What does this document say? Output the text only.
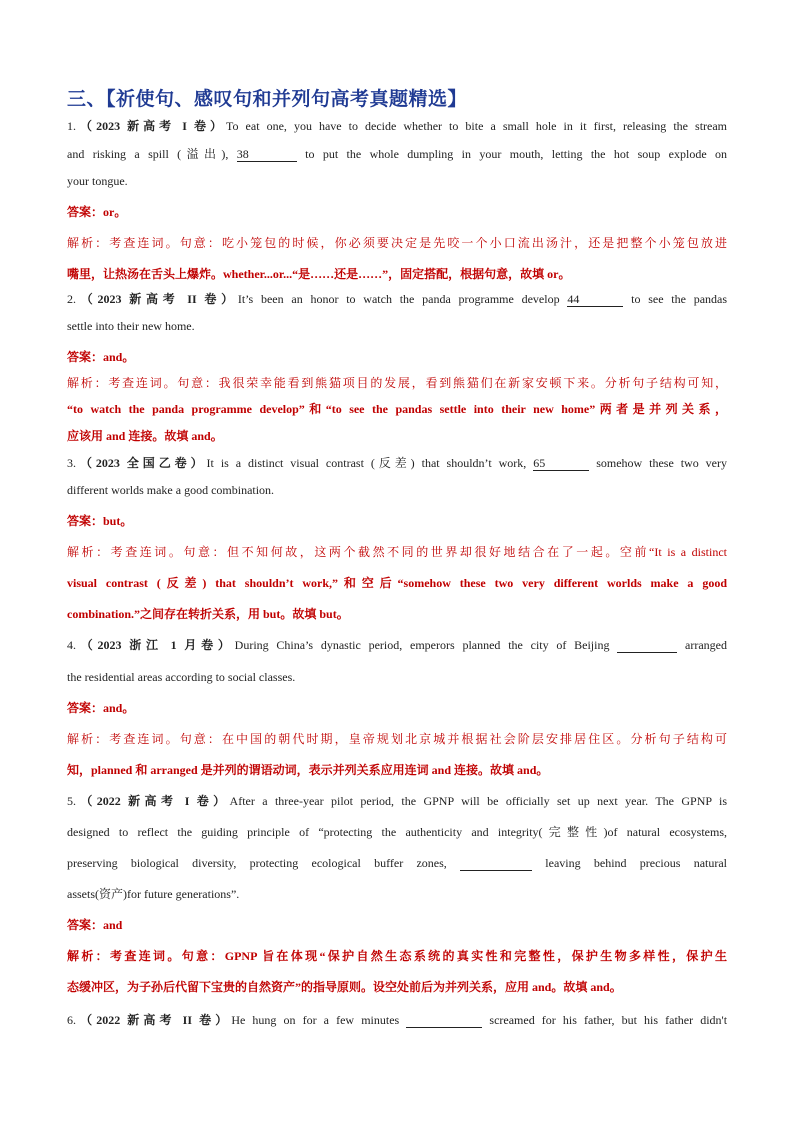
三、【祈使句、感叹句和并列句高考真题精选】
1.（2023 新高考 I 卷）To eat one, you have to decide whether to bite a small hole in it first, releasing the stream
and risking a spill (溢出), 38	to put the whole dumpling in your mouth, letting the hot soup explode on
your tongue.
答案：or。
解析：考查连词。句意：吃小笼包的时候，你必须要决定是先咬一个小口流出汤汁，还是把整个小笼包放进
嘴里，让热汤在舌头上爆炸。whether...or...“是……还是……”，固定搭配，根据句意，故填 or。
2.（2023 新高考 II 卷）It’s been an honor to watch the panda programme develop 44	to see the pandas
settle into their new home.
答案：and。
解析：考查连词。句意：我很荣幸能看到熊猫项目的发展，看到熊猫们在新家安顿下来。分析句子结构可知，
“to watch the panda programme develop”和“to see the pandas settle into their new home”两者是并列关系，
应该用 and 连接。故填 and。
3.（2023 全国乙卷）It is a distinct visual contrast (反差) that shouldn’t work, 65	somehow these two very
different worlds make a good combination.
答案：but。
解析：考查连词。句意：但不知何故，这两个截然不同的世界却很好地结合在了一起。空前“It is a distinct
visual contrast (反差) that shouldn’t work,”和空后“somehow these two very different worlds make a good
combination.”之间存在转折关系，用 but。故填 but。
4.（2023 浙江 1 月卷）During China’s dynastic period, emperors planned the city of Beijing	arranged
the residential areas according to social classes.
答案：and。
解析：考查连词。句意：在中国的朝代时期，皇帝规划北京城并根据社会阶层安排居住区。分析句子结构可
知，planned 和 arranged 是并列的谓语动词，表示并列关系应用连词 and 连接。故填 and。
5.（2022 新高考 I 卷）After a three-year pilot period, the GPNP will be officially set up next year. The GPNP is
designed to reflect the guiding principle of “protecting the authenticity and integrity(完整性)of natural ecosystems,
preserving biological diversity, protecting ecological buffer zones,	leaving behind precious natural
assets(资产)for future generations”.
答案：and
解析：考查连词。句意：GPNP 旨在体现“保护自然生态系统的真实性和完整性，保护生物多样性，保护生
态缓冲区，为子孙后代留下宝贵的自然资产”的指导原则。设空处前后为并列关系，应用 and。故填 and。
6.（2022 新高考 II 卷）He hung on for a few minutes	screamed for his father, but his father didn't
